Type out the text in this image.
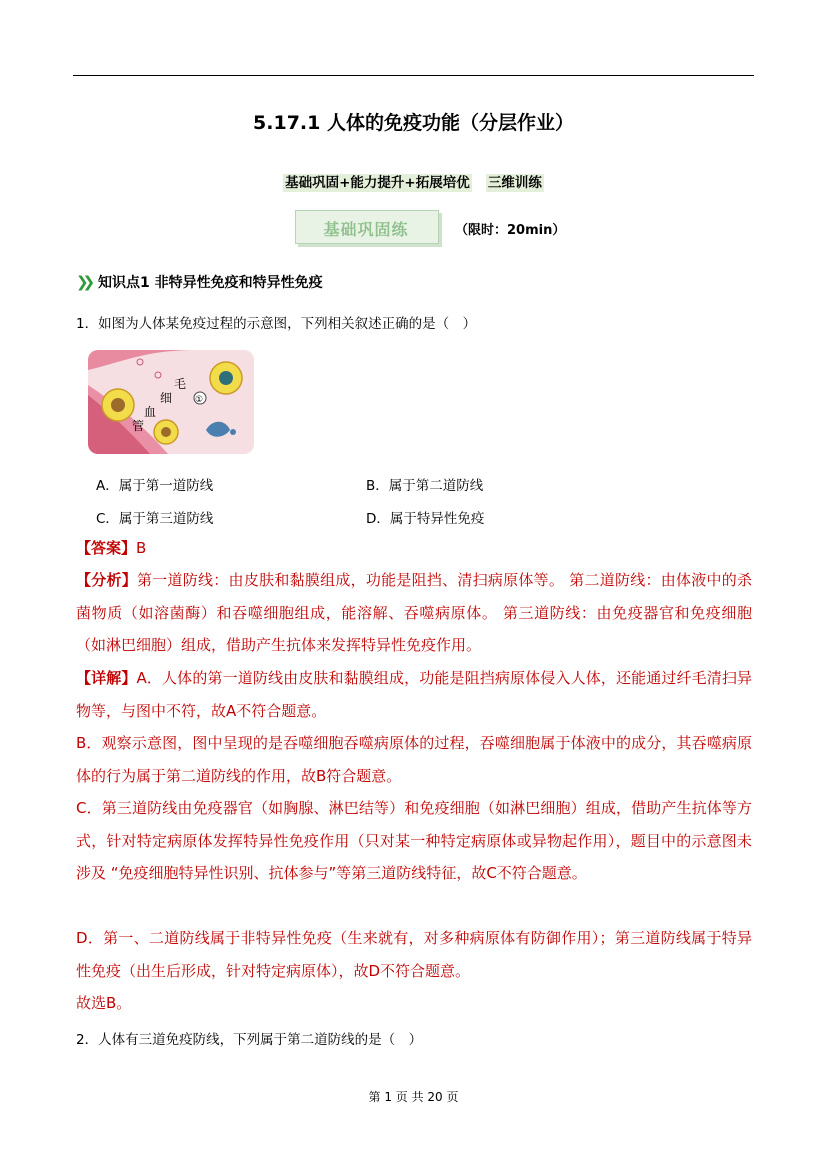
5.17.1 人体的免疫功能（分层作业）
基础巩固+能力提升+拓展培优 三维训练
基础巩固练	（限时：20min）
❯❯
知识点1 非特异性免疫和特异性免疫
1．如图为人体某免疫过程的示意图，下列相关叙述正确的是（　）
毛
细
血
管
①
A．属于第一道防线	B．属于第二道防线
C．属于第三道防线	D．属于特异性免疫
【答案】B
【分析】第一道防线：由皮肤和黏膜组成，功能是阻挡、清扫病原体等。 第二道防线：由体液中的杀菌物质（如溶菌酶）和吞噬细胞组成，能溶解、吞噬病原体。 第三道防线：由免疫器官和免疫细胞（如淋巴细胞）组成，借助产生抗体来发挥特异性免疫作用。
【详解】A．人体的第一道防线由皮肤和黏膜组成，功能是阻挡病原体侵入人体，还能通过纤毛清扫异物等，与图中不符，故A不符合题意。
B．观察示意图，图中呈现的是吞噬细胞吞噬病原体的过程，吞噬细胞属于体液中的成分，其吞噬病原体的行为属于第二道防线的作用，故B符合题意。
C．第三道防线由免疫器官（如胸腺、淋巴结等）和免疫细胞（如淋巴细胞）组成，借助产生抗体等方式，针对特定病原体发挥特异性免疫作用（只对某一种特定病原体或异物起作用），题目中的示意图未涉及 “免疫细胞特异性识别、抗体参与”等第三道防线特征，故C不符合题意。
D．第一、二道防线属于非特异性免疫（生来就有，对多种病原体有防御作用）；第三道防线属于特异性免疫（出生后形成，针对特定病原体），故D不符合题意。
故选B。
2．人体有三道免疫防线，下列属于第二道防线的是（　）
第 1 页 共 20 页
